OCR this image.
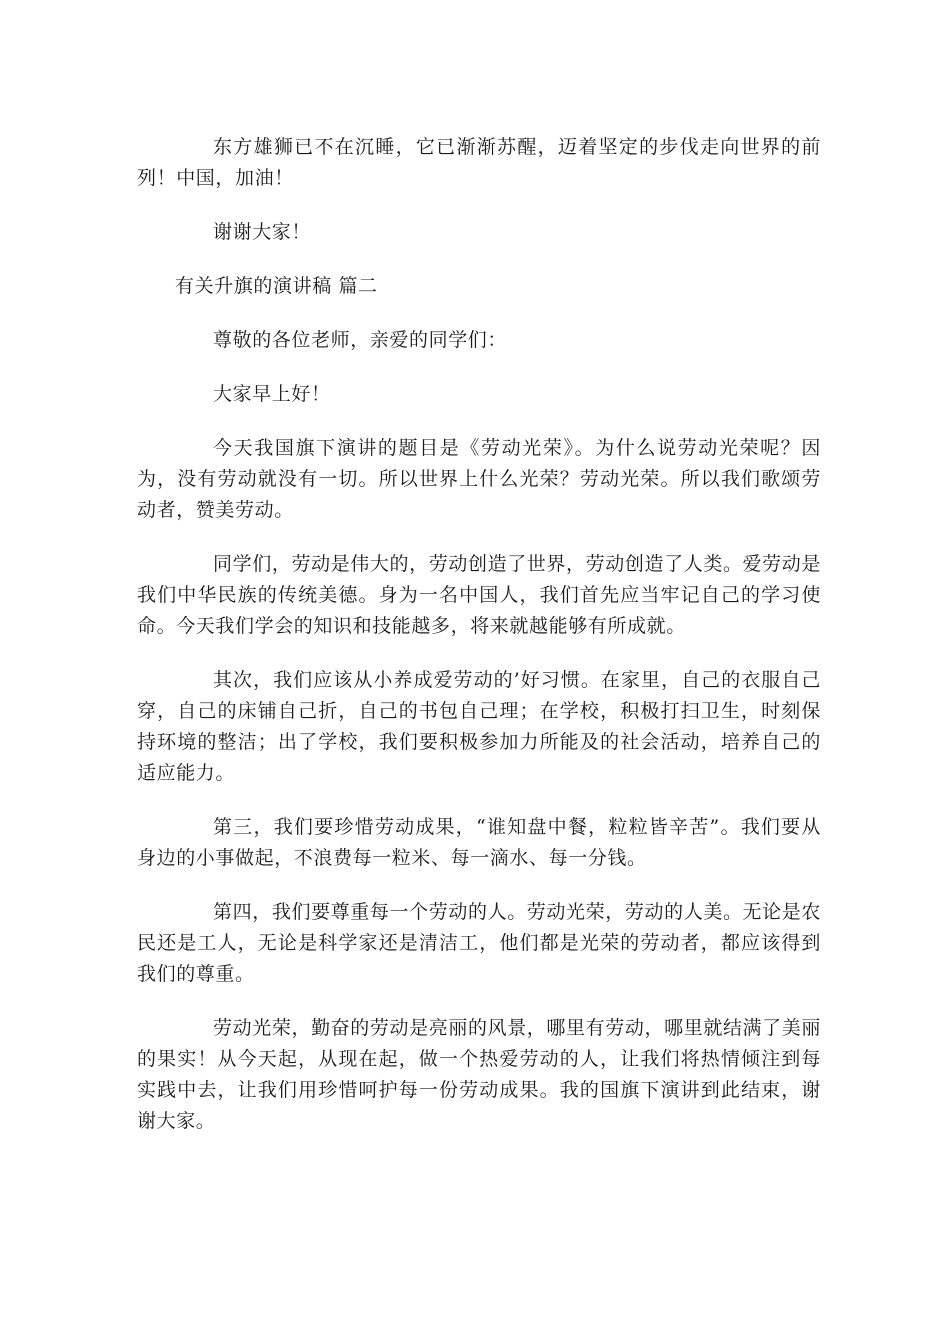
东方雄狮已不在沉睡，它已渐渐苏醒，迈着坚定的步伐走向世界的前列！中国，加油！

谢谢大家！

有关升旗的演讲稿 篇二

尊敬的各位老师，亲爱的同学们：

大家早上好！

今天我国旗下演讲的题目是《劳动光荣》。为什么说劳动光荣呢？因为，没有劳动就没有一切。所以世界上什么光荣？劳动光荣。所以我们歌颂劳动者，赞美劳动。

同学们，劳动是伟大的，劳动创造了世界，劳动创造了人类。爱劳动是我们中华民族的传统美德。身为一名中国人，我们首先应当牢记自己的学习使命。今天我们学会的知识和技能越多，将来就越能够有所成就。

其次，我们应该从小养成爱劳动的’好习惯。在家里，自己的衣服自己穿，自己的床铺自己折，自己的书包自己理；在学校，积极打扫卫生，时刻保持环境的整洁；出了学校，我们要积极参加力所能及的社会活动，培养自己的适应能力。

第三，我们要珍惜劳动成果，“谁知盘中餐，粒粒皆辛苦”。我们要从身边的小事做起，不浪费每一粒米、每一滴水、每一分钱。

第四，我们要尊重每一个劳动的人。劳动光荣，劳动的人美。无论是农民还是工人，无论是科学家还是清洁工，他们都是光荣的劳动者，都应该得到我们的尊重。

劳动光荣，勤奋的劳动是亮丽的风景，哪里有劳动，哪里就结满了美丽的果实！从今天起，从现在起，做一个热爱劳动的人，让我们将热情倾注到每实践中去，让我们用珍惜呵护每一份劳动成果。我的国旗下演讲到此结束，谢谢大家。
